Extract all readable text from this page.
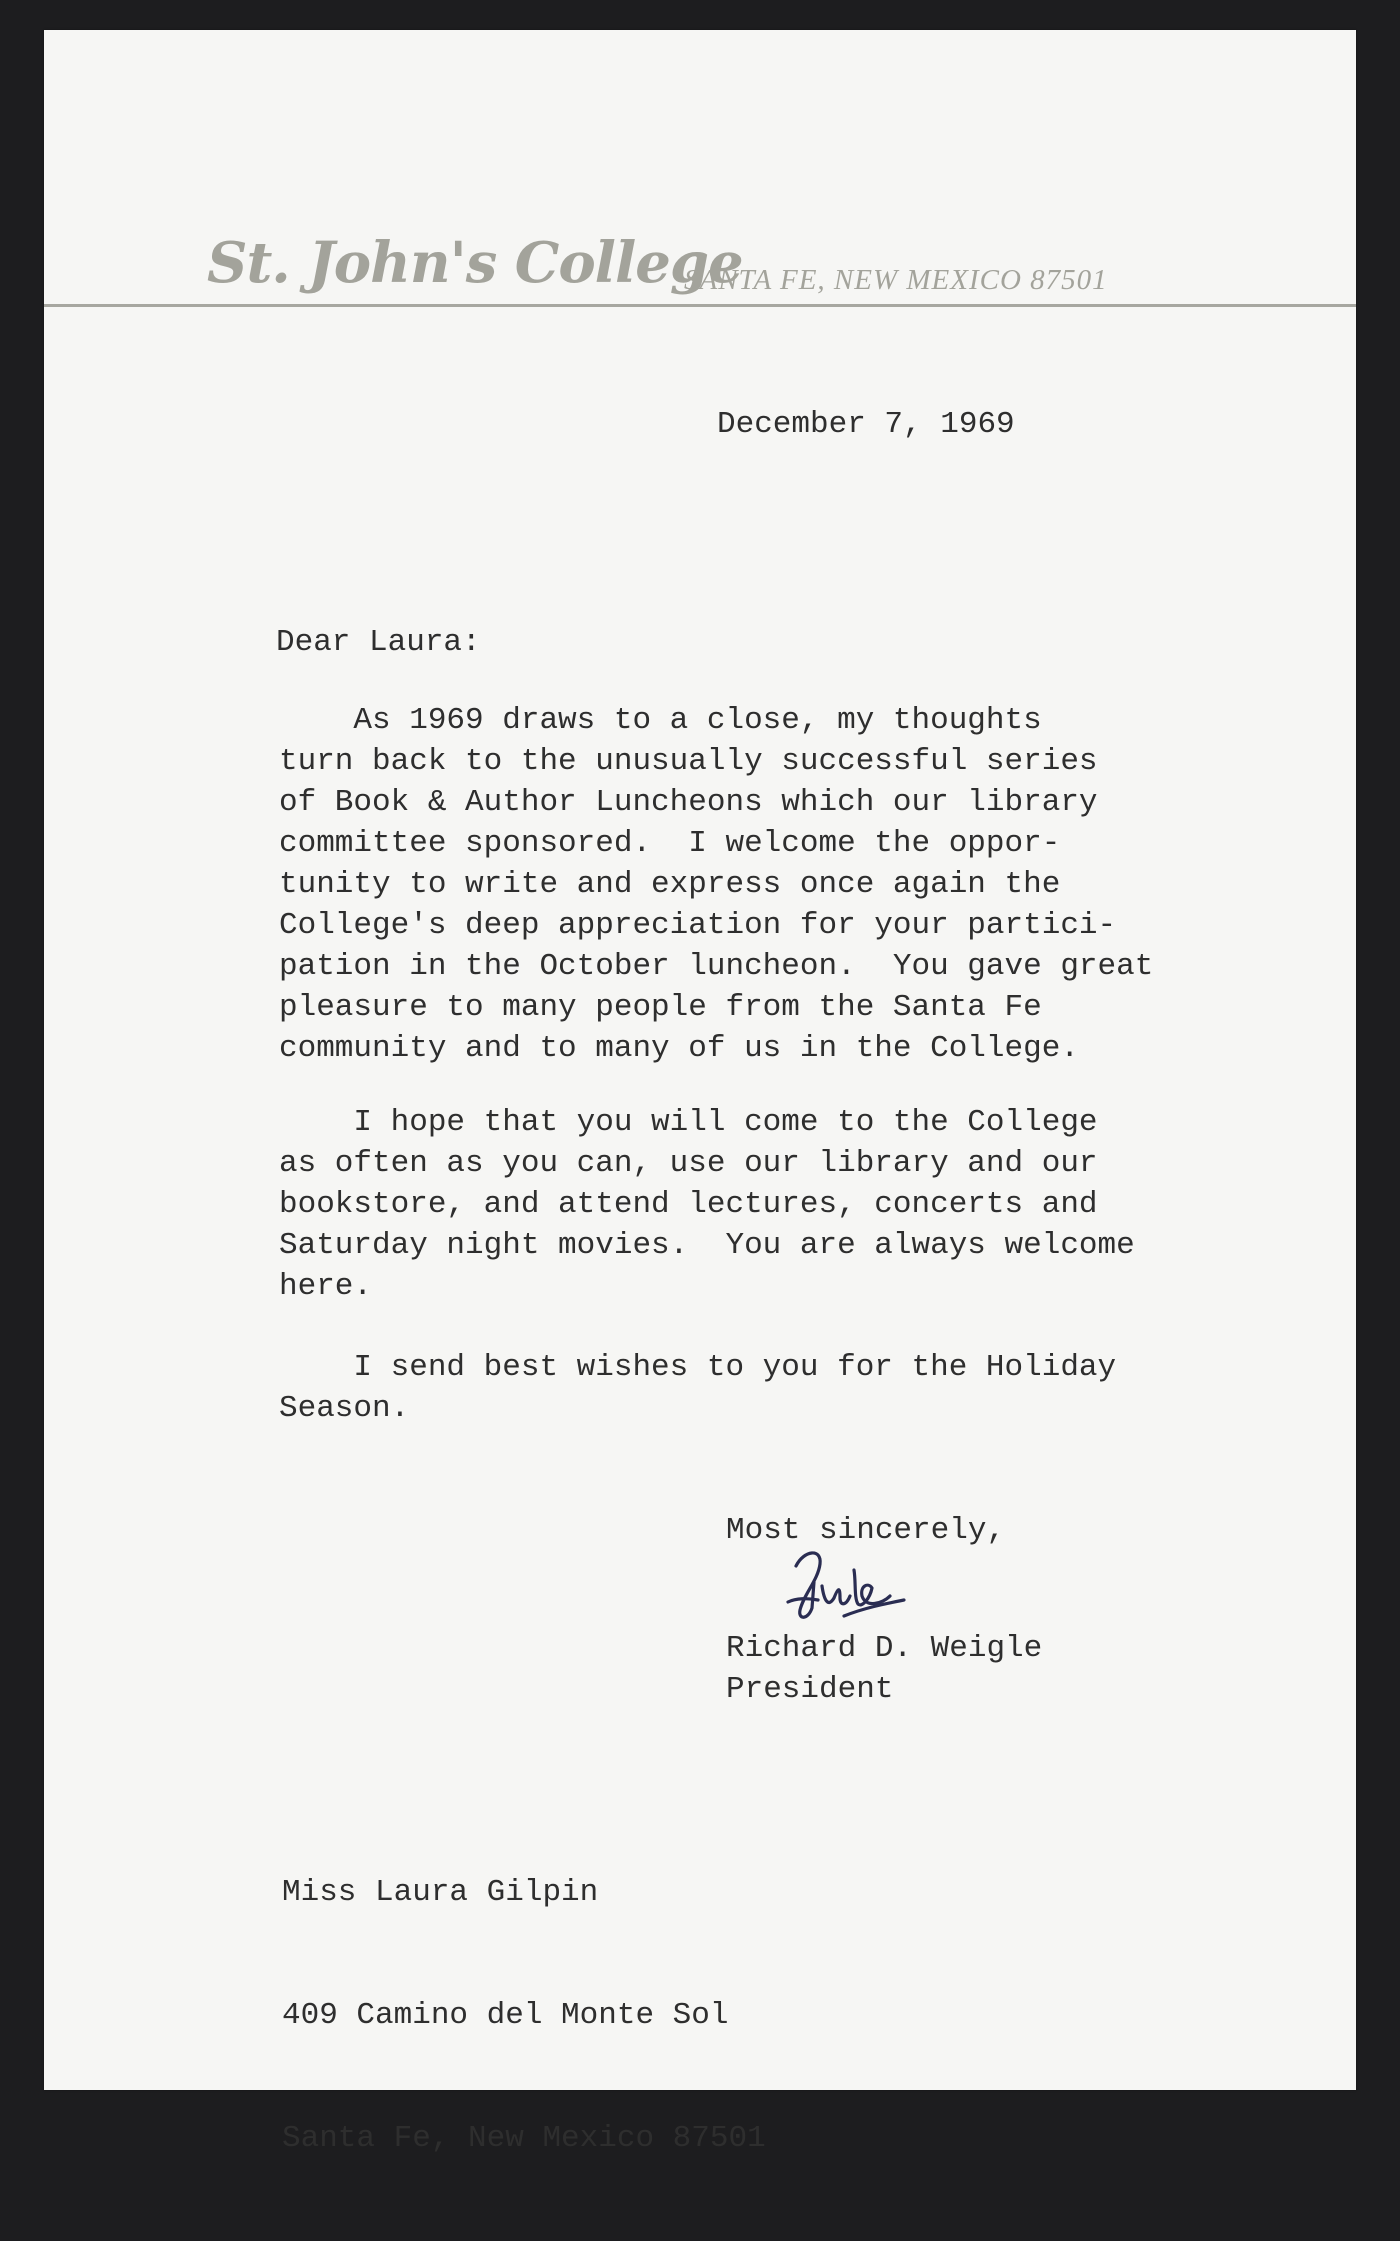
St. John's College
SANTA FE, NEW MEXICO 87501
December 7, 1969
Dear Laura:

As 1969 draws to a close, my thoughts
turn back to the unusually successful series
of Book & Author Luncheons which our library
committee sponsored.  I welcome the oppor-
tunity to write and express once again the
College's deep appreciation for your partici-
pation in the October luncheon.  You gave great
pleasure to many people from the Santa Fe
community and to many of us in the College.

I hope that you will come to the College
as often as you can, use our library and our
bookstore, and attend lectures, concerts and
Saturday night movies.  You are always welcome
here.

I send best wishes to you for the Holiday
Season.

Most sincerely,
Richard D. Weigle
President

Miss Laura Gilpin

409 Camino del Monte Sol

Santa Fe, New Mexico 87501
